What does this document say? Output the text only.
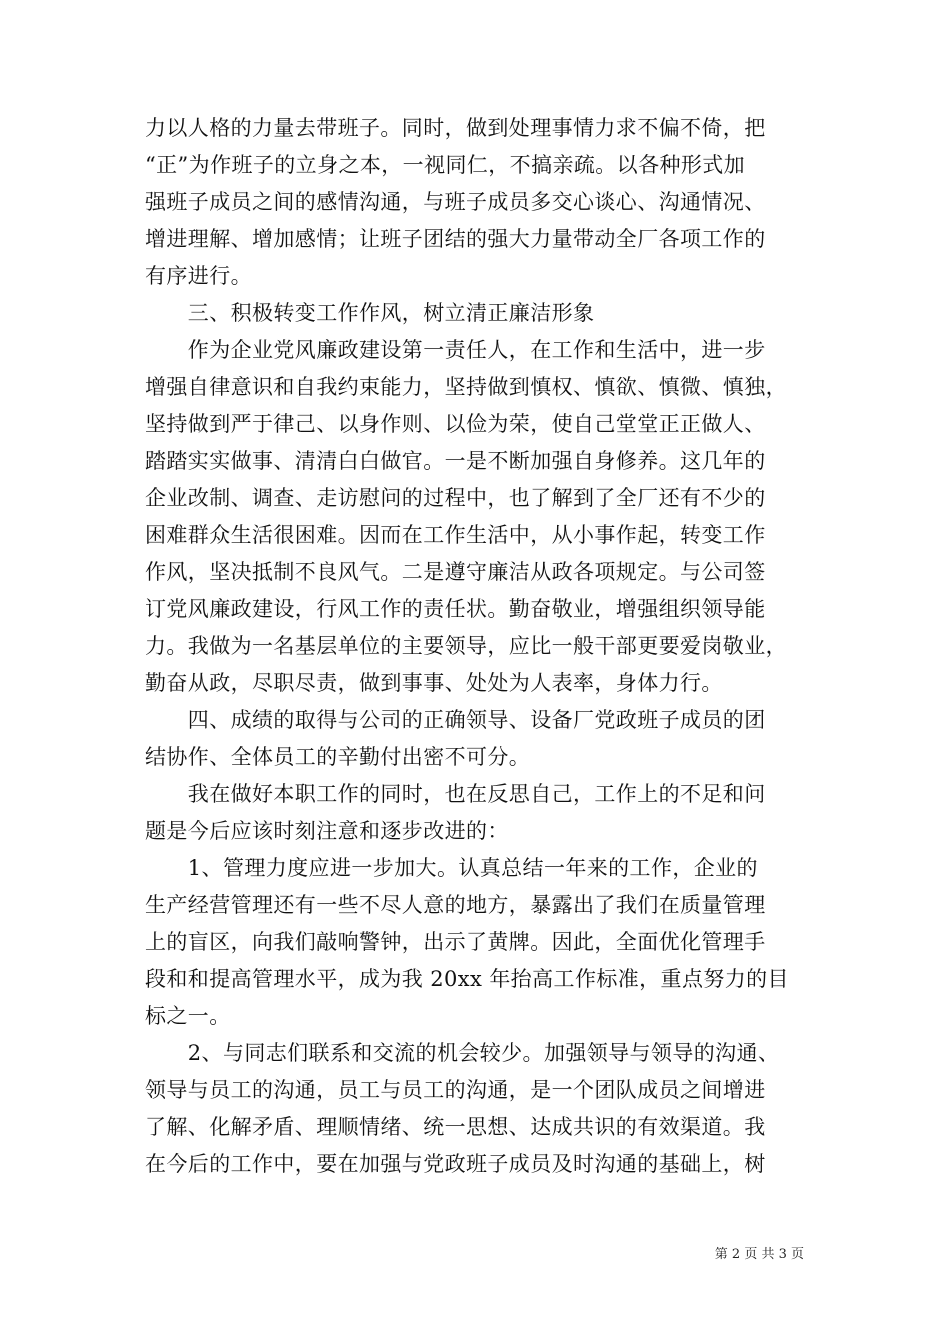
力以人格的力量去带班子。同时，做到处理事情力求不偏不倚，把
“正”为作班子的立身之本，一视同仁，不搞亲疏。以各种形式加
强班子成员之间的感情沟通，与班子成员多交心谈心、沟通情况、
增进理解、增加感情；让班子团结的强大力量带动全厂各项工作的
有序进行。
　　三、积极转变工作作风，树立清正廉洁形象
　　作为企业党风廉政建设第一责任人，在工作和生活中，进一步
增强自律意识和自我约束能力，坚持做到慎权、慎欲、慎微、慎独，
坚持做到严于律己、以身作则、以俭为荣，使自己堂堂正正做人、
踏踏实实做事、清清白白做官。一是不断加强自身修养。这几年的
企业改制、调查、走访慰问的过程中，也了解到了全厂还有不少的
困难群众生活很困难。因而在工作生活中，从小事作起，转变工作
作风，坚决抵制不良风气。二是遵守廉洁从政各项规定。与公司签
订党风廉政建设，行风工作的责任状。勤奋敬业，增强组织领导能
力。我做为一名基层单位的主要领导，应比一般干部更要爱岗敬业，
勤奋从政，尽职尽责，做到事事、处处为人表率，身体力行。
　　四、成绩的取得与公司的正确领导、设备厂党政班子成员的团
结协作、全体员工的辛勤付出密不可分。
　　我在做好本职工作的同时，也在反思自己，工作上的不足和问
题是今后应该时刻注意和逐步改进的：
　　1、管理力度应进一步加大。认真总结一年来的工作，企业的
生产经营管理还有一些不尽人意的地方，暴露出了我们在质量管理
上的盲区，向我们敲响警钟，出示了黄牌。因此，全面优化管理手
段和和提高管理水平，成为我 20xx 年抬高工作标准，重点努力的目
标之一。
　　2、与同志们联系和交流的机会较少。加强领导与领导的沟通、
领导与员工的沟通，员工与员工的沟通，是一个团队成员之间增进
了解、化解矛盾、理顺情绪、统一思想、达成共识的有效渠道。我
在今后的工作中，要在加强与党政班子成员及时沟通的基础上，树
第 2 页 共 3 页
